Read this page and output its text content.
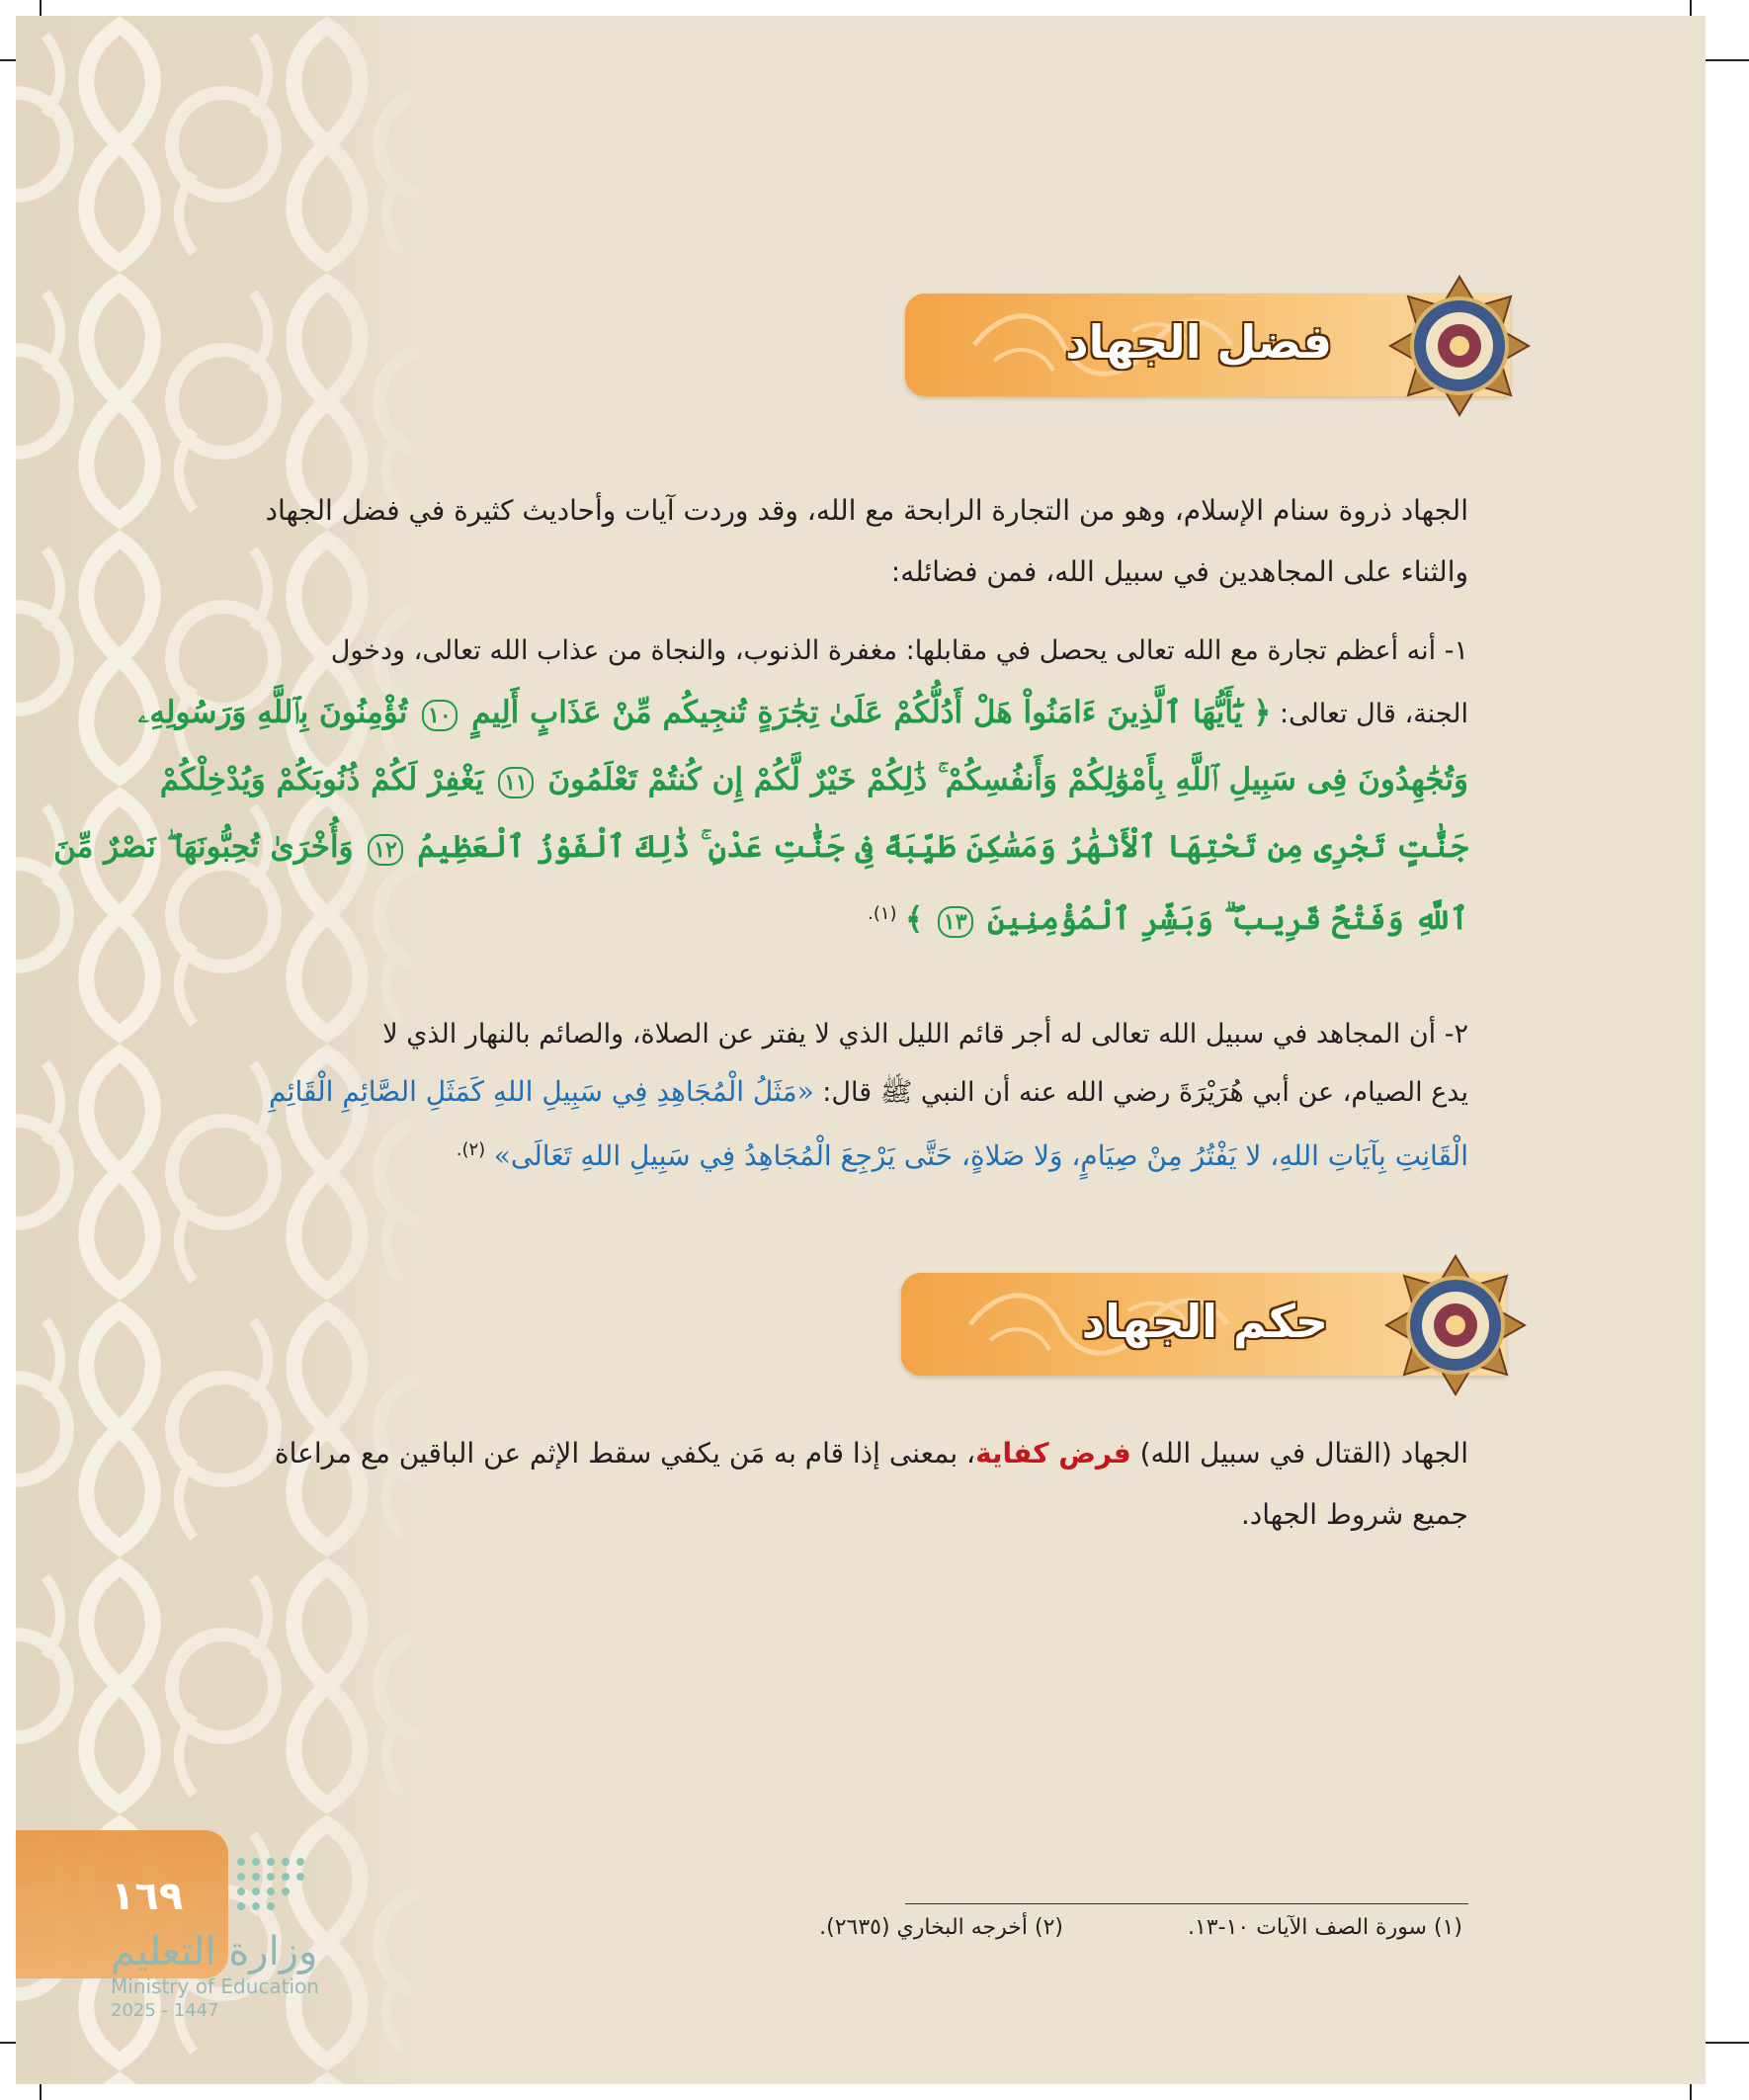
فضل الجهاد
الجهاد ذروة سنام الإسلام، وهو من التجارة الرابحة مع الله، وقد وردت آيات وأحاديث كثيرة في فضل الجهاد
والثناء على المجاهدين في سبيل الله، فمن فضائله:
١- أنه أعظم تجارة مع الله تعالى يحصل في مقابلها: مغفرة الذنوب، والنجاة من عذاب الله تعالى، ودخول
الجنة، قال تعالى: ﴿ يَٰٓأَيُّهَا ٱلَّذِينَ ءَامَنُواْ هَلْ أَدُلُّكُمْ عَلَىٰ تِجَٰرَةٍ تُنجِيكُم مِّنْ عَذَابٍ أَلِيمٍ ١٠ تُؤْمِنُونَ بِٱللَّهِ وَرَسُولِهِۦ
وَتُجَٰهِدُونَ فِى سَبِيلِ ٱللَّهِ بِأَمْوَٰلِكُمْ وَأَنفُسِكُمْ ۚ ذَٰلِكُمْ خَيْرٌ لَّكُمْ إِن كُنتُمْ تَعْلَمُونَ ١١ يَغْفِرْ لَكُمْ ذُنُوبَكُمْ وَيُدْخِلْكُمْ
جَنَّٰتٍ تَجْرِى مِن تَحْتِهَا ٱلْأَنْهَٰرُ وَمَسَٰكِنَ طَيِّبَةً فِى جَنَّٰتِ عَدْنٍ ۚ ذَٰلِكَ ٱلْفَوْزُ ٱلْعَظِيمُ ١٢ وَأُخْرَىٰ تُحِبُّونَهَا ۖ نَصْرٌ مِّنَ
ٱللَّهِ وَفَتْحٌ قَرِيبٌ ۗ وَبَشِّرِ ٱلْمُؤْمِنِينَ ١٣ ﴾ $^{(١).}$
٢- أن المجاهد في سبيل الله تعالى له أجر قائم الليل الذي لا يفتر عن الصلاة، والصائم بالنهار الذي لا
يدع الصيام، عن أبي هُرَيْرَةَ رضي الله عنه أن النبي ﷺ قال: «مَثَلُ الْمُجَاهِدِ فِي سَبِيلِ اللهِ كَمَثَلِ الصَّائِمِ الْقَائِمِ
الْقَانِتِ بِآيَاتِ اللهِ، لا يَفْتُرُ مِنْ صِيَامٍ، وَلا صَلاةٍ، حَتَّى يَرْجِعَ الْمُجَاهِدُ فِي سَبِيلِ اللهِ تَعَالَى» $^{(٢).}$
حكم الجهاد
الجهاد (القتال في سبيل الله) فرض كفاية، بمعنى إذا قام به مَن يكفي سقط الإثم عن الباقين مع مراعاة
جميع شروط الجهاد.
(١) سورة الصف الآيات ١٠-١٣.
(٢) أخرجه البخاري (٢٦٣٥).
١٦٩
وزارة التعليم
Ministry of Education
2025 - 1447
